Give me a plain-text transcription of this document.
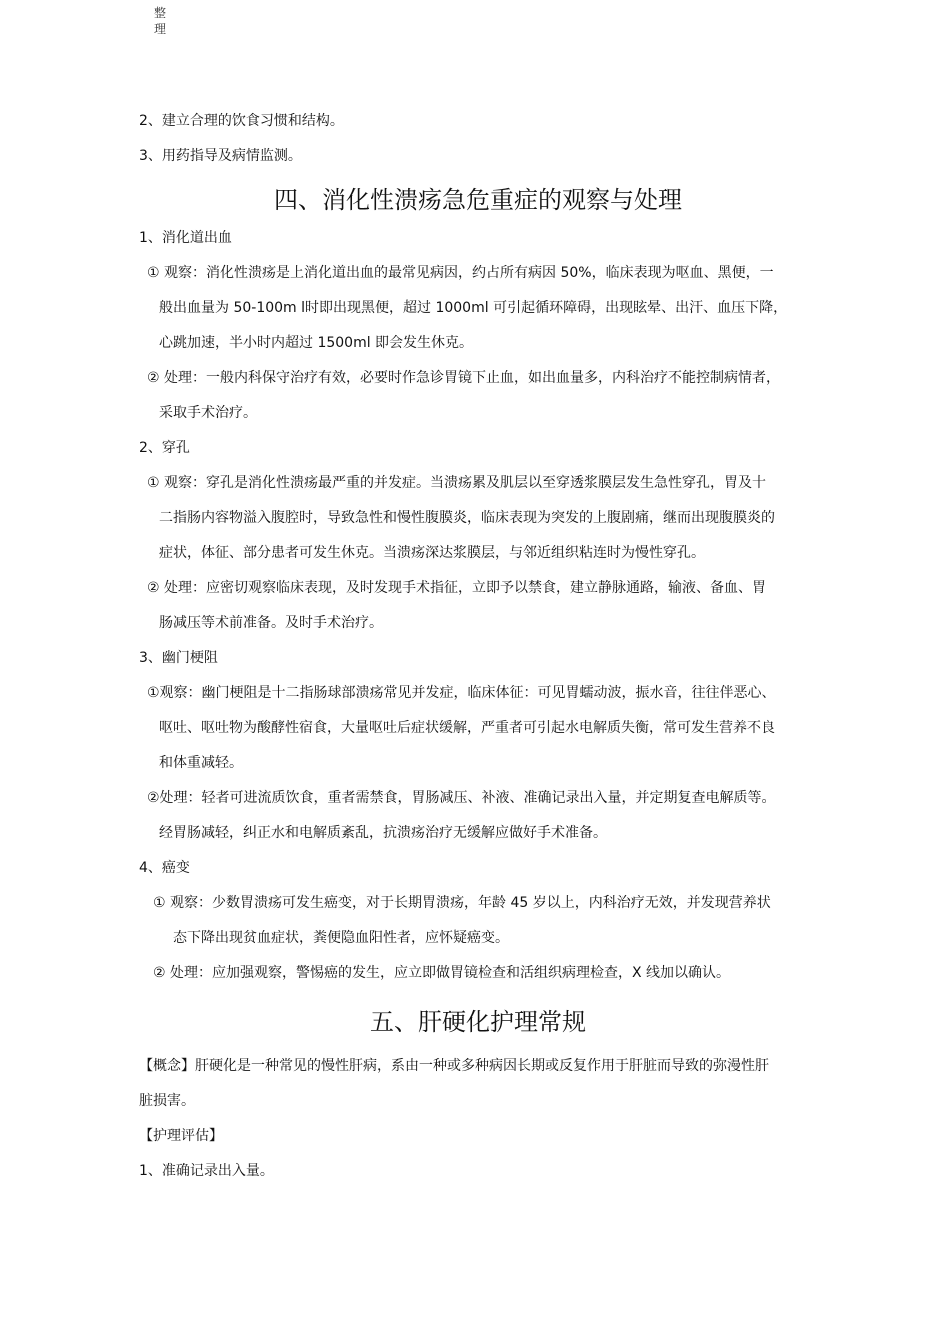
整理

2、建立合理的饮食习惯和结构。

3、用药指导及病情监测。

四、消化性溃疡急危重症的观察与处理

1、消化道出血

① 观察：消化性溃疡是上消化道出血的最常见病因，约占所有病因 50%，临床表现为呕血、黑便，一

般出血量为 50-100m l时即出现黑便，超过 1000ml 可引起循环障碍，出现眩晕、出汗、血压下降，

心跳加速，半小时内超过 1500ml 即会发生休克。

② 处理：一般内科保守治疗有效，必要时作急诊胃镜下止血，如出血量多，内科治疗不能控制病情者，

采取手术治疗。

2、穿孔

① 观察：穿孔是消化性溃疡最严重的并发症。当溃疡累及肌层以至穿透浆膜层发生急性穿孔，胃及十

二指肠内容物溢入腹腔时，导致急性和慢性腹膜炎，临床表现为突发的上腹剧痛，继而出现腹膜炎的

症状，体征、部分患者可发生休克。当溃疡深达浆膜层，与邻近组织粘连时为慢性穿孔。

② 处理：应密切观察临床表现，及时发现手术指征，立即予以禁食，建立静脉通路，输液、备血、胃

肠减压等术前准备。及时手术治疗。

3、幽门梗阻

①观察：幽门梗阻是十二指肠球部溃疡常见并发症，临床体征：可见胃蠕动波，振水音，往往伴恶心、

呕吐、呕吐物为酸酵性宿食，大量呕吐后症状缓解，严重者可引起水电解质失衡，常可发生营养不良

和体重减轻。

②处理：轻者可进流质饮食，重者需禁食，胃肠减压、补液、准确记录出入量，并定期复查电解质等。

经胃肠减轻，纠正水和电解质紊乱，抗溃疡治疗无缓解应做好手术准备。

4、癌变

① 观察：少数胃溃疡可发生癌变，对于长期胃溃疡，年龄 45 岁以上，内科治疗无效，并发现营养状

态下降出现贫血症状，粪便隐血阳性者，应怀疑癌变。

② 处理：应加强观察，警惕癌的发生，应立即做胃镜检查和活组织病理检查，X 线加以确认。

五、肝硬化护理常规

【概念】肝硬化是一种常见的慢性肝病，系由一种或多种病因长期或反复作用于肝脏而导致的弥漫性肝

脏损害。

【护理评估】

1、准确记录出入量。
